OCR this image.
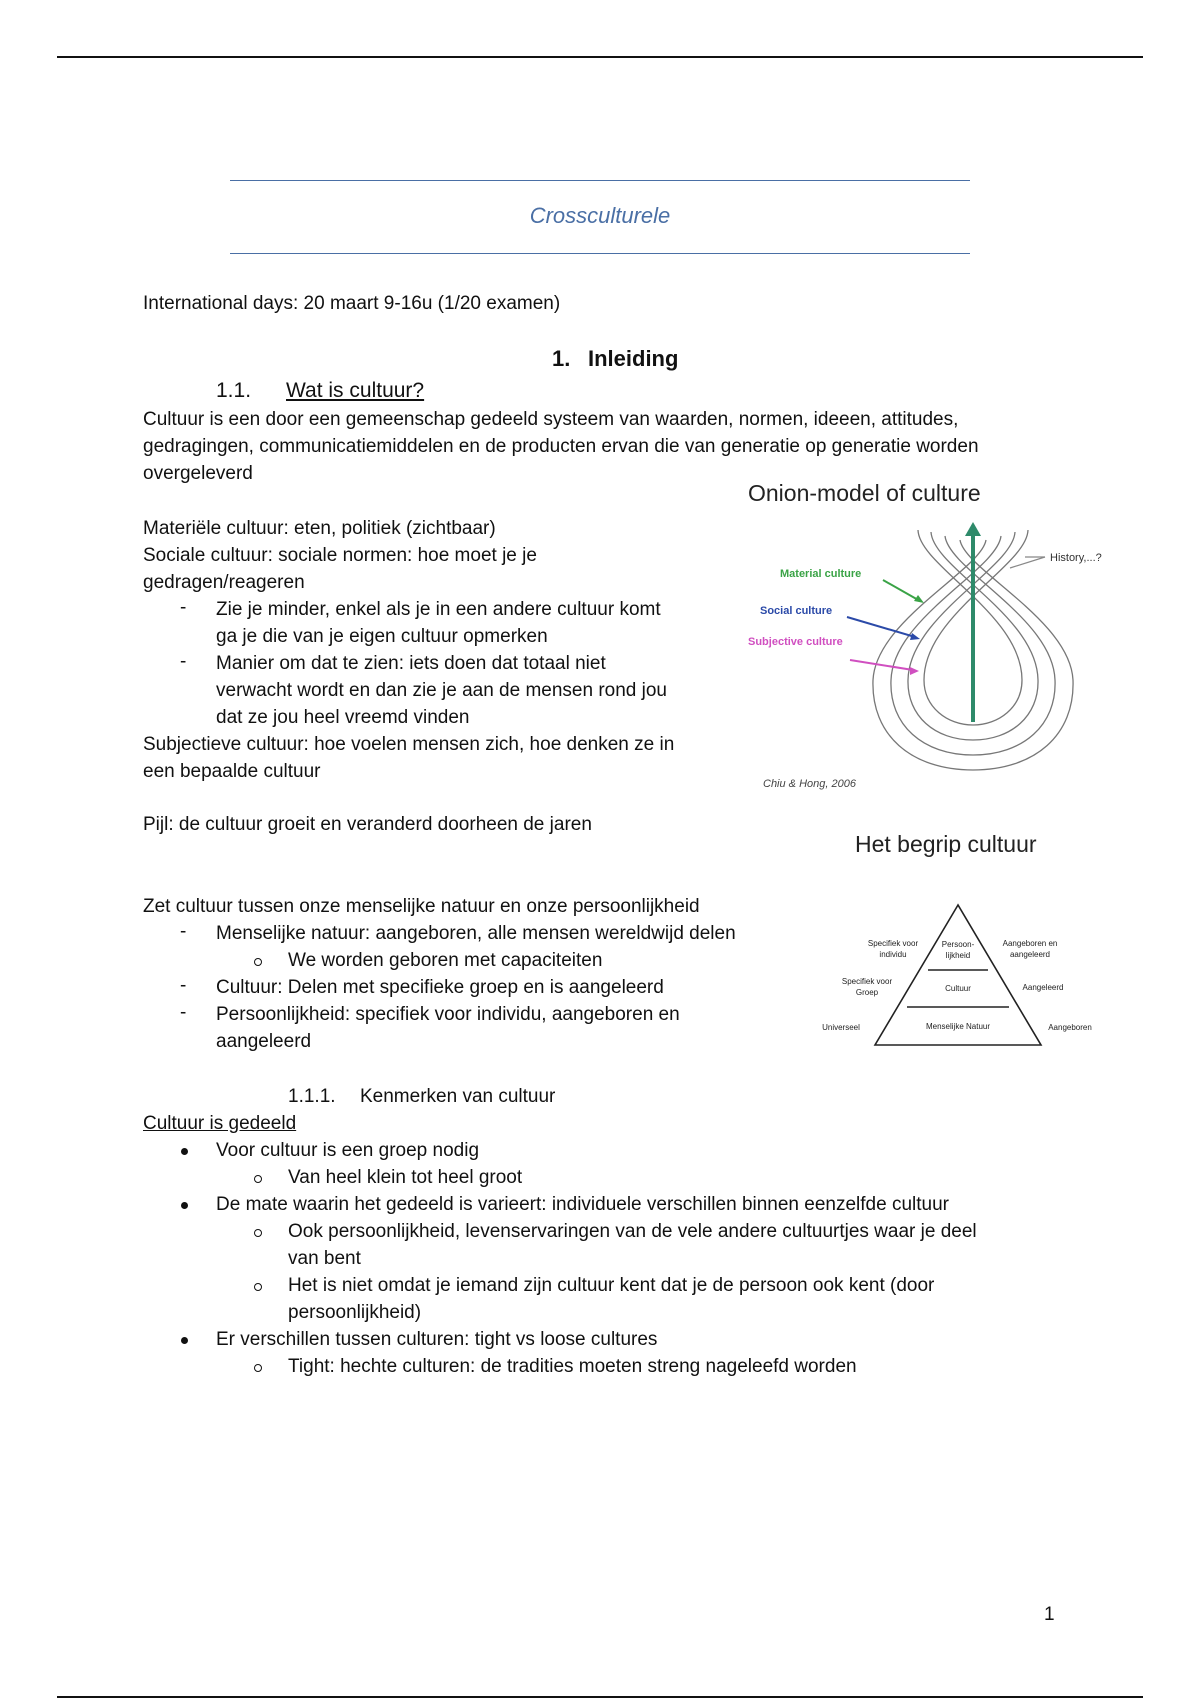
Crossculturele
International days: 20 maart 9-16u (1/20 examen)
1. Inleiding
1.1. Wat is cultuur?
Cultuur is een door een gemeenschap gedeeld systeem van waarden, normen, ideeen, attitudes,
gedragingen, communicatiemiddelen en de producten ervan die van generatie op generatie worden
overgeleverd
Materiële cultuur: eten, politiek (zichtbaar)
Sociale cultuur: sociale normen: hoe moet je je
gedragen/reageren
- Zie je minder, enkel als je in een andere cultuur komt
ga je die van je eigen cultuur opmerken
- Manier om dat te zien: iets doen dat totaal niet
verwacht wordt en dan zie je aan de mensen rond jou
dat ze jou heel vreemd vinden
Subjectieve cultuur: hoe voelen mensen zich, hoe denken ze in
een bepaalde cultuur
Pijl: de cultuur groeit en veranderd doorheen de jaren
Zet cultuur tussen onze menselijke natuur en onze persoonlijkheid
- Menselijke natuur: aangeboren, alle mensen wereldwijd delen
We worden geboren met capaciteiten
- Cultuur: Delen met specifieke groep en is aangeleerd
- Persoonlijkheid: specifiek voor individu, aangeboren en
aangeleerd
1.1.1. Kenmerken van cultuur
Cultuur is gedeeld
Voor cultuur is een groep nodig
Van heel klein tot heel groot
De mate waarin het gedeeld is varieert: individuele verschillen binnen eenzelfde cultuur
Ook persoonlijkheid, levenservaringen van de vele andere cultuurtjes waar je deel
van bent
Het is niet omdat je iemand zijn cultuur kent dat je de persoon ook kent (door
persoonlijkheid)
Er verschillen tussen culturen: tight vs loose cultures
Tight: hechte culturen: de tradities moeten streng nageleefd worden
1
Onion-model of culture
History,...?
Material culture
Social culture
Subjective culture
Chiu & Hong, 2006
Het begrip cultuur
Persoon-
lijkheid
Cultuur
Menselijke Natuur
Specifiek voor
individu
Specifiek voor
Groep
Universeel
Aangeboren en
aangeleerd
Aangeleerd
Aangeboren
